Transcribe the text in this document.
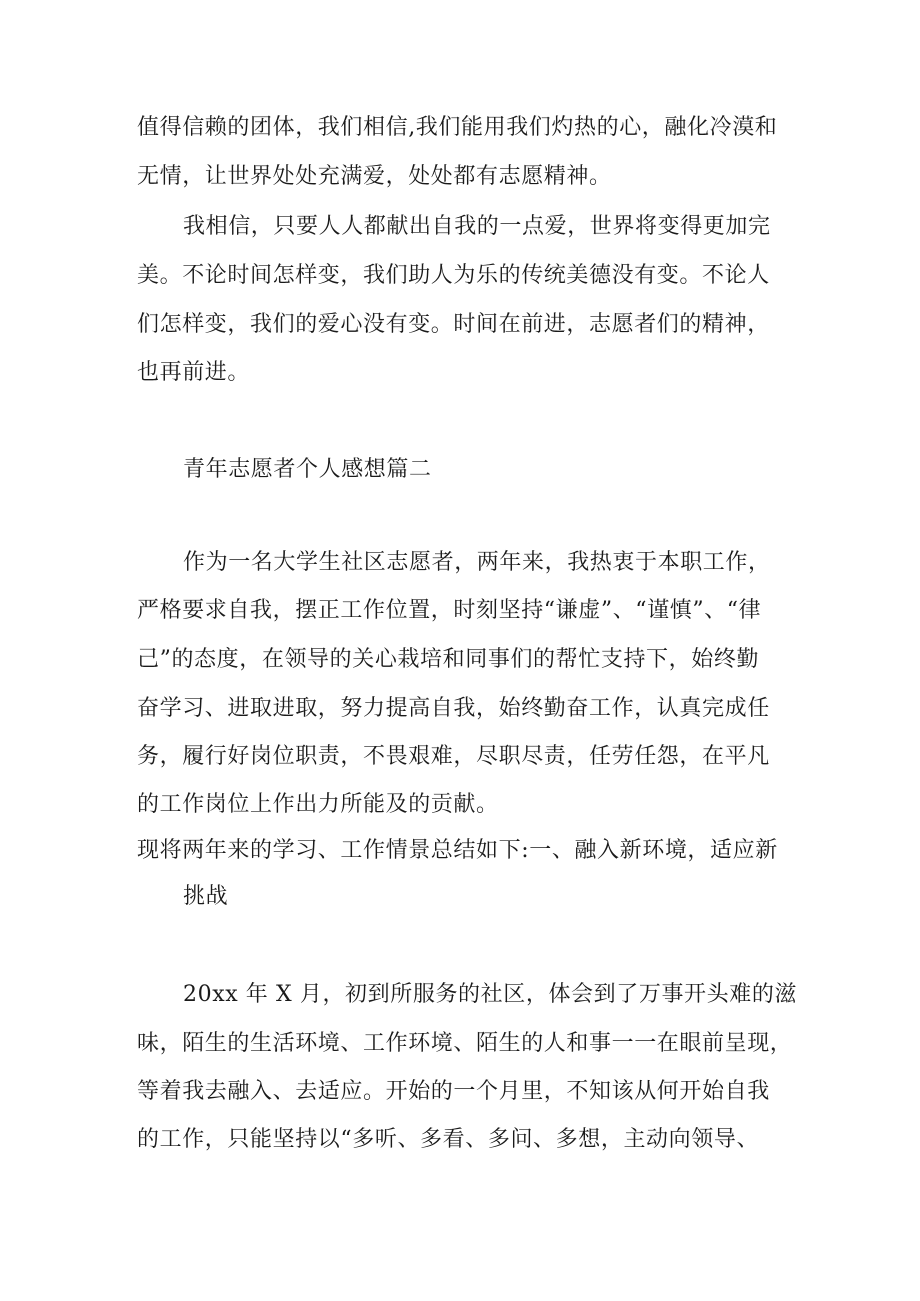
值得信赖的团体，我们相信,我们能用我们灼热的心，融化冷漠和
无情，让世界处处充满爱，处处都有志愿精神。
我相信，只要人人都献出自我的一点爱，世界将变得更加完
美。不论时间怎样变，我们助人为乐的传统美德没有变。不论人
们怎样变，我们的爱心没有变。时间在前进，志愿者们的精神，
也再前进。
青年志愿者个人感想篇二
作为一名大学生社区志愿者，两年来，我热衷于本职工作，
严格要求自我，摆正工作位置，时刻坚持“谦虚”、“谨慎”、“律
己”的态度，在领导的关心栽培和同事们的帮忙支持下，始终勤
奋学习、进取进取，努力提高自我，始终勤奋工作，认真完成任
务，履行好岗位职责，不畏艰难，尽职尽责，任劳任怨，在平凡
的工作岗位上作出力所能及的贡献。
现将两年来的学习、工作情景总结如下:一、融入新环境，适应新
挑战
20xx 年 X 月，初到所服务的社区，体会到了万事开头难的滋
味，陌生的生活环境、工作环境、陌生的人和事一一在眼前呈现，
等着我去融入、去适应。开始的一个月里，不知该从何开始自我
的工作，只能坚持以“多听、多看、多问、多想，主动向领导、
